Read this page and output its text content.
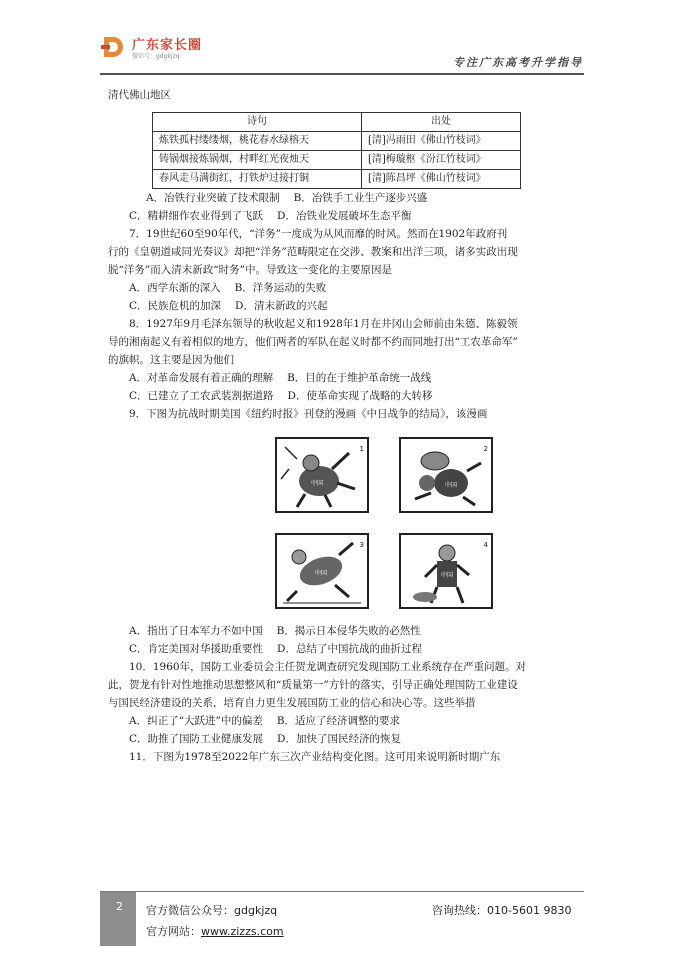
广东家长圈
微信号：gdgkjzq	专注广东高考升学指导

清代佛山地区

诗句	出处
炼铁孤村缕缕烟，桃花春水绿榕天	[清]冯雨田《佛山竹枝词》
铸锅烟接炼锅烟，村畔红光夜烛天	[清]梅璇枢《汾江竹枝词》
春风走马满街红，打铁炉过接打铜	[清]陈昌坪《佛山竹枝词》

A．冶铁行业突破了技术限制 B．冶铁手工业生产逐步兴盛

C．精耕细作农业得到了飞跃 D．冶铁业发展破坏生态平衡

7．19世纪60至90年代，“洋务”一度成为从风而靡的时风。然而在1902年政府刊

行的《皇朝道咸同光奏议》却把“洋务”范畴限定在交涉、教案和出洋三项，诸多实政出现

脱“洋务”而入清末新政“时务”中。导致这一变化的主要原因是

A．西学东渐的深入 B．洋务运动的失败

C．民族危机的加深 D．清末新政的兴起

8．1927年9月毛泽东领导的秋收起义和1928年1月在井冈山会师前由朱德、陈毅领

导的湘南起义有着相似的地方，他们两者的军队在起义时都不约而同地打出“工农革命军”

的旗帜。这主要是因为他们

A．对革命发展有着正确的理解 B．目的在于维护革命统一战线

C．已建立了工农武装割据道路 D．使革命实现了战略的大转移

9．下图为抗战时期美国《纽约时报》刊登的漫画《中日战争的结局》，该漫画

中国
1
中国
2
中国
3
中国
4

A．指出了日本军力不如中国 B．揭示日本侵华失败的必然性

C．肯定美国对华援助重要性 D．总结了中国抗战的曲折过程

10．1960年，国防工业委员会主任贺龙调查研究发现国防工业系统存在严重问题。对

此，贺龙有针对性地推动思想整风和“质量第一”方针的落实，引导正确处理国防工业建设

与国民经济建设的关系，培育自力更生发展国防工业的信心和决心等。这些举措

A．纠正了“大跃进”中的偏差 B．适应了经济调整的要求

C．助推了国防工业健康发展 D．加快了国民经济的恢复

11．下图为1978至2022年广东三次产业结构变化图。这可用来说明新时期广东

2 官方微信公众号：gdgkjzq	咨询热线：010-5601 9830
官方网站：www.zizzs.com
